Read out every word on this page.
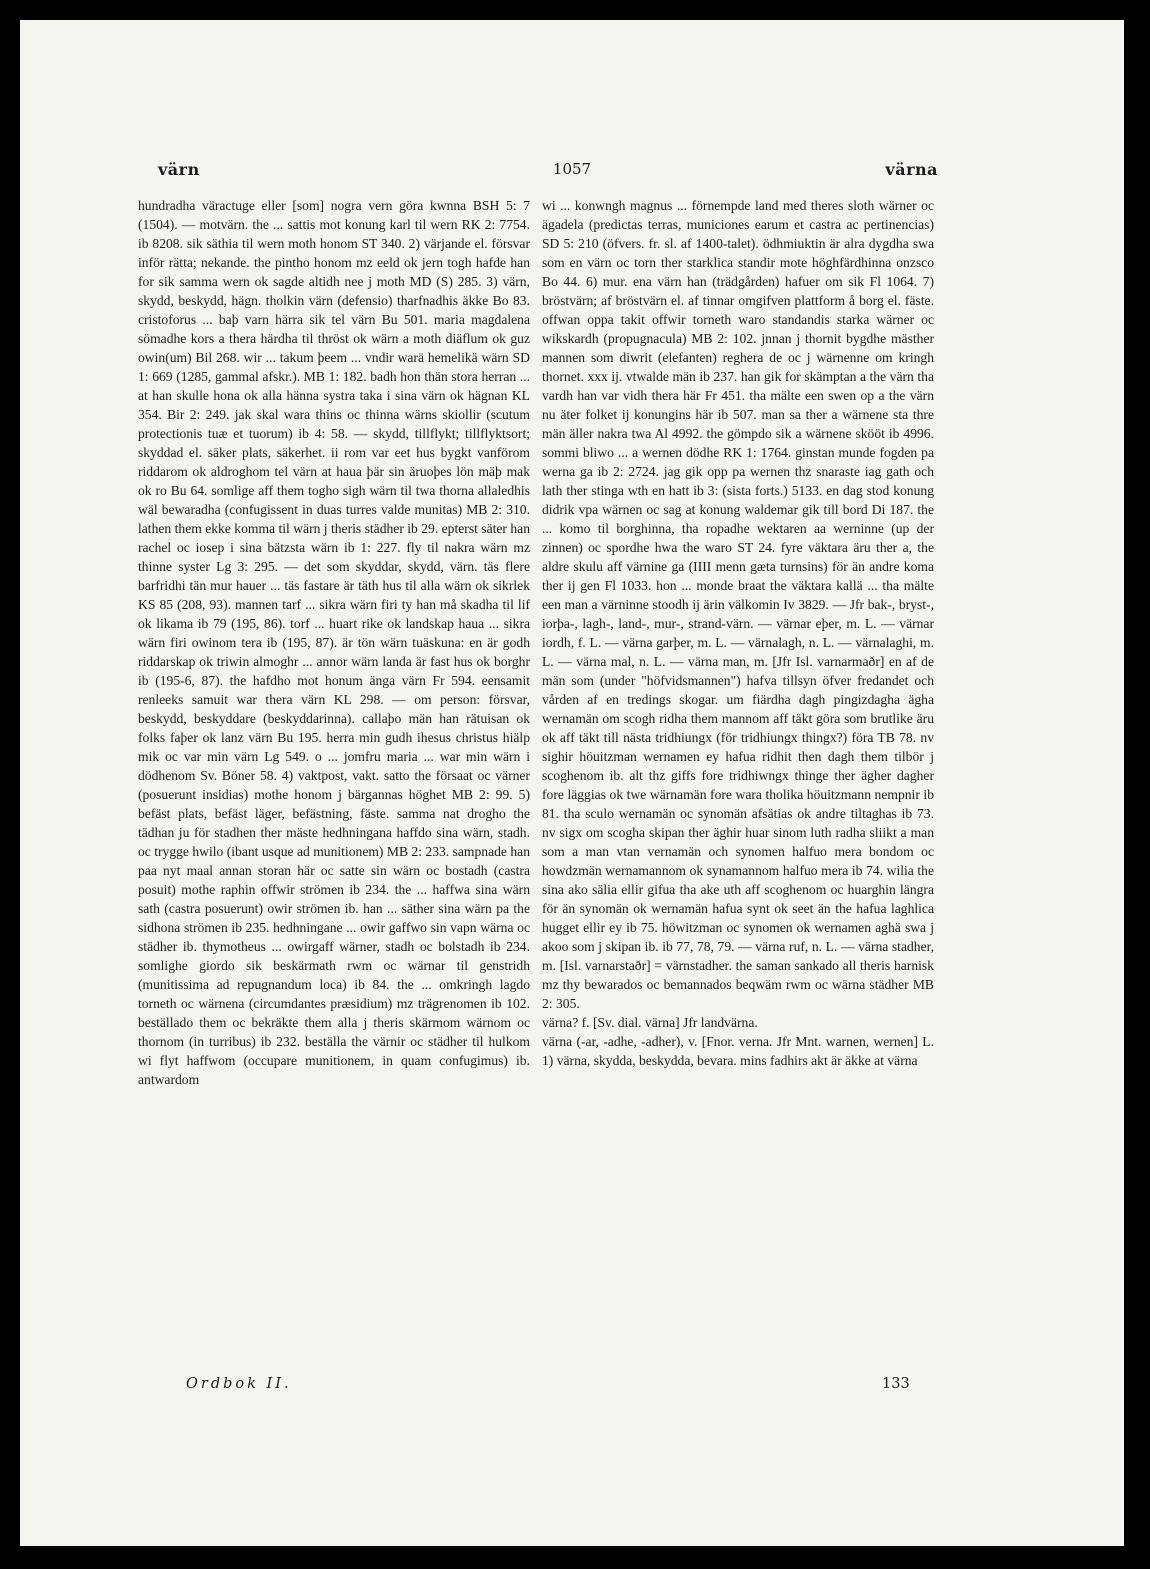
värn	1057	värna

hundradha väractuge eller [som] nogra vern göra kwnna BSH 5: 7 (1504). — motvärn. the ... sattis mot konung karl til wern RK 2: 7754. ib 8208. sik säthia til wern moth honom ST 340. 2) värjande el. försvar inför rätta; nekande. the pintho honom mz eeld ok jern togh hafde han for sik samma wern ok sagde altidh nee j moth MD (S) 285. 3) värn, skydd, beskydd, hägn. tholkin värn (defensio) tharfnadhis äkke Bo 83. cristoforus ... baþ varn härra sik tel värn Bu 501. maria magdalena sömadhe kors a thera härdha til thröst ok wärn a moth diäflum ok guz owin(um) Bil 268. wir ... takum þeem ... vndir warä hemelikä wärn SD 1: 669 (1285, gammal afskr.). MB 1: 182. badh hon thän stora herran ... at han skulle hona ok alla hänna systra taka i sina värn ok hägnan KL 354. Bir 2: 249. jak skal wara thins oc thinna wärns skiollir (scutum protectionis tuæ et tuorum) ib 4: 58. — skydd, tillflykt; tillflyktsort; skyddad el. säker plats, säkerhet. ii rom var eet hus bygkt vanförom riddarom ok aldroghom tel värn at haua þär sin äruoþes lön mäþ mak ok ro Bu 64. somlige aff them togho sigh wärn til twa thorna allaledhis wäl bewaradha (confugissent in duas turres valde munitas) MB 2: 310. lathen them ekke komma til wärn j theris städher ib 29. epterst säter han rachel oc iosep i sina bätzsta wärn ib 1: 227. fly til nakra wärn mz thinne syster Lg 3: 295. — det som skyddar, skydd, värn. täs flere barfridhi tän mur hauer ... täs fastare är täth hus til alla wärn ok sikrlek KS 85 (208, 93). mannen tarf ... sikra wärn firi ty han må skadha til lif ok likama ib 79 (195, 86). torf ... huart rike ok landskap haua ... sikra wärn firi owinom tera ib (195, 87). är tön wärn tuäskuna: en är godh riddarskap ok triwin almoghr ... annor wärn landa är fast hus ok borghr ib (195-6, 87). the hafdho mot honum änga värn Fr 594. eensamit renleeks samuit war thera värn KL 298. — om person: försvar, beskydd, beskyddare (beskyddarinna). callaþo män han rätuisan ok folks faþer ok lanz värn Bu 195. herra min gudh ihesus christus hiälp mik oc var min värn Lg 549. o ... jomfru maria ... war min wärn i dödhenom Sv. Böner 58. 4) vaktpost, vakt. satto the försaat oc värner (posuerunt insidias) mothe honom j bärgannas höghet MB 2: 99. 5) befäst plats, befäst läger, befästning, fäste. samma nat drogho the tädhan ju för stadhen ther mäste hedhningana haffdo sina wärn, stadh. oc trygge hwilo (ibant usque ad munitionem) MB 2: 233. sampnade han paa nyt maal annan storan här oc satte sin wärn oc bostadh (castra posuit) mothe raphin offwir strömen ib 234. the ... haffwa sina wärn sath (castra posuerunt) owir strömen ib. han ... säther sina wärn pa the sidhona strömen ib 235. hedhningane ... owir gaffwo sin vapn wärna oc städher ib. thymotheus ... owirgaff wärner, stadh oc bolstadh ib 234. somlighe giordo sik beskärmath rwm oc wärnar til genstridh (munitissima ad repugnandum loca) ib 84. the ... omkringh lagdo torneth oc wärnena (circumdantes præsidium) mz trägrenomen ib 102. beställado them oc bekräkte them alla j theris skärmom wärnom oc thornom (in turribus) ib 232. beställa the värnir oc städher til hulkom wi flyt haffwom (occupare munitionem, in quam confugimus) ib. antwardom

wi ... konwngh magnus ... förnempde land med theres sloth wärner oc ägadela (predictas terras, municiones earum et castra ac pertinencias) SD 5: 210 (öfvers. fr. sl. af 1400-talet). ödhmiuktin är alra dygdha swa som en värn oc torn ther starklica standir mote höghfärdhinna onzsco Bo 44. 6) mur. ena värn han (trädgården) hafuer om sik Fl 1064. 7) bröstvärn; af bröstvärn el. af tinnar omgifven plattform å borg el. fäste. offwan oppa takit offwir torneth waro standandis starka wärner oc wikskardh (propugnacula) MB 2: 102. jnnan j thornit bygdhe mästher mannen som diwrit (elefanten) reghera de oc j wärnenne om kringh thornet. xxx ij. vtwalde män ib 237. han gik for skämptan a the värn tha vardh han var vidh thera här Fr 451. tha mälte een swen op a the värn nu äter folket ij konungins här ib 507. man sa ther a wärnene sta thre män äller nakra twa Al 4992. the gömpdo sik a wärnene skööt ib 4996. sommi bliwo ... a wernen dödhe RK 1: 1764. ginstan munde fogden pa werna ga ib 2: 2724. jag gik opp pa wernen thz snaraste iag gath och lath ther stinga wth en hatt ib 3: (sista forts.) 5133. en dag stod konung didrik vpa wärnen oc sag at konung waldemar gik till bord Di 187. the ... komo til borghinna, tha ropadhe wektaren aa werninne (up der zinnen) oc spordhe hwa the waro ST 24. fyre väktara äru ther a, the aldre skulu aff värnine ga (IIII menn gæta turnsins) för än andre koma ther ij gen Fl 1033. hon ... monde braat the väktara kallä ... tha mälte een man a värninne stoodh ij ärin välkomin Iv 3829. — Jfr bak-, bryst-, iorþa-, lagh-, land-, mur-, strand-värn. — värnar eþer, m. L. — värnar iordh, f. L. — värna garþer, m. L. — värnalagh, n. L. — värnalaghi, m. L. — värna mal, n. L. — värna man, m. [Jfr Isl. varnarmaðr] en af de män som (under "höfvidsmannen") hafva tillsyn öfver fredandet och vården af en tredings skogar. um fiärdha dagh pingizdagha ägha wernamän om scogh ridha them mannom aff täkt göra som brutlike äru ok aff täkt till nästa tridhiungx (för tridhiungx thingx?) föra TB 78. nv sighir höuitzman wernamen ey hafua ridhit then dagh them tilbör j scoghenom ib. alt thz giffs fore tridhiwngx thinge ther ägher dagher fore läggias ok twe wärnamän fore wara tholika höuitzmann nempnir ib 81. tha sculo wernamän oc synomän afsätias ok andre tiltaghas ib 73. nv sigx om scogha skipan ther äghir huar sinom luth radha sliikt a man som a man vtan vernamän och synomen halfuo mera bondom oc howdzmän wernamannom ok synamannom halfuo mera ib 74. wilia the sina ako sälia ellir gifua tha ake uth aff scoghenom oc huarghin längra för än synomän ok wernamän hafua synt ok seet än the hafua laghlica hugget ellir ey ib 75. höwitzman oc synomen ok wernamen aghä swa j akoo som j skipan ib. ib 77, 78, 79. — värna ruf, n. L. — värna stadher, m. [Isl. varnarstaðr] = värnstadher. the saman sankado all theris harnisk mz thy bewarados oc bemannados beqwäm rwm oc wärna städher MB 2: 305.

värna? f. [Sv. dial. värna] Jfr landvärna.

värna (-ar, -adhe, -adher), v. [Fnor. verna. Jfr Mnt. warnen, wernen] L. 1) värna, skydda, beskydda, bevara. mins fadhirs akt är äkke at värna

Ordbok II.	133
